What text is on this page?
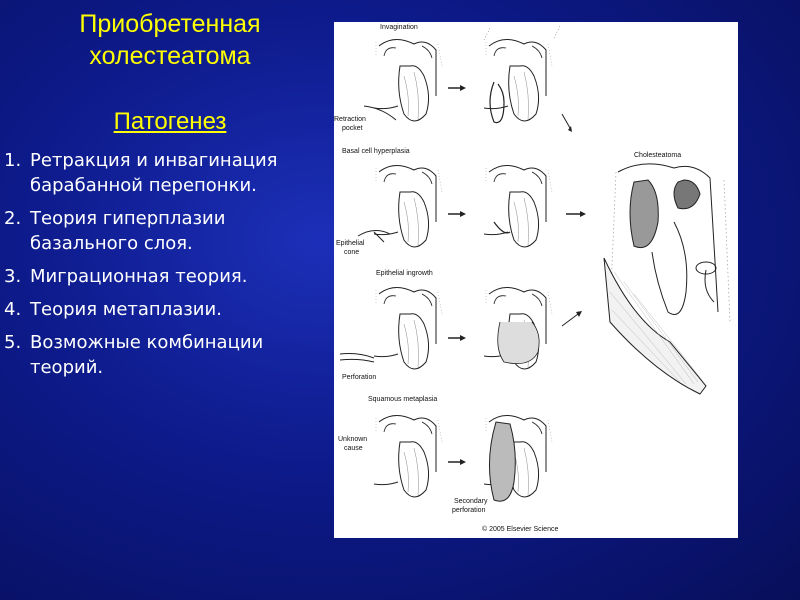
Приобретенная
холестеатома
Патогенез
1. Ретракция и инвагинация барабанной перепонки.
2. Теория гиперплазии базального слоя.
3. Миграционная теория.
4. Теория метаплазии.
5. Возможные комбинации теорий.
Invagination
Retraction
pocket
Basal cell hyperplasia
Epithelial
cone
Epithelial ingrowth
Perforation
Squamous metaplasia
Unknown
cause
Secondary
perforation
Cholesteatoma
© 2005 Elsevier Science
